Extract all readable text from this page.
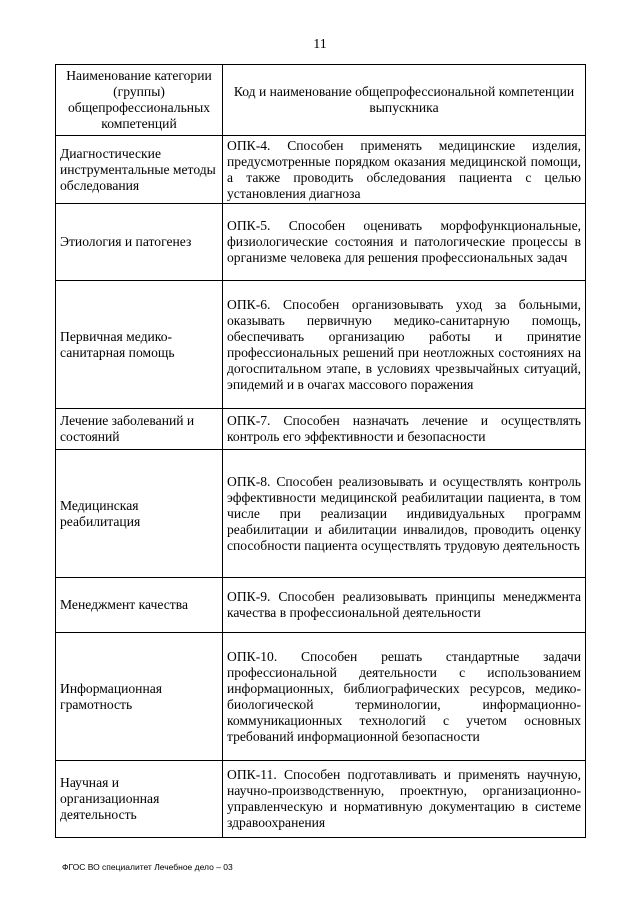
11
Наименование категории (группы) общепрофессиональных компетенций	Код и наименование общепрофессиональной компетенции выпускника
Диагностические инструментальные методы обследования	ОПК-4. Способен применять медицинские изделия, предусмотренные порядком оказания медицинской помощи, а также проводить обследования пациента с целью установления диагноза
Этиология и патогенез	ОПК-5. Способен оценивать морфофункциональные, физиологические состояния и патологические процессы в организме человека для решения профессиональных задач
Первичная медико-санитарная помощь	ОПК-6. Способен организовывать уход за больными, оказывать первичную медико-санитарную помощь, обеспечивать организацию работы и принятие профессиональных решений при неотложных состояниях на догоспитальном этапе, в условиях чрезвычайных ситуаций, эпидемий и в очагах массового поражения
Лечение заболеваний и состояний	ОПК-7. Способен назначать лечение и осуществлять контроль его эффективности и безопасности
Медицинская реабилитация	ОПК-8. Способен реализовывать и осуществлять контроль эффективности медицинской реабилитации пациента, в том числе при реализации индивидуальных программ реабилитации и абилитации инвалидов, проводить оценку способности пациента осуществлять трудовую деятельность
Менеджмент качества	ОПК-9. Способен реализовывать принципы менеджмента качества в профессиональной деятельности
Информационная грамотность	ОПК-10. Способен решать стандартные задачи профессиональной деятельности с использованием информационных, библиографических ресурсов, медико-биологической терминологии, информационно-коммуникационных технологий с учетом основных требований информационной безопасности
Научная и организационная деятельность	ОПК-11. Способен подготавливать и применять научную, научно-производственную, проектную, организационно-управленческую и нормативную документацию в системе здравоохранения
ФГОС ВО специалитет Лечебное дело – 03
